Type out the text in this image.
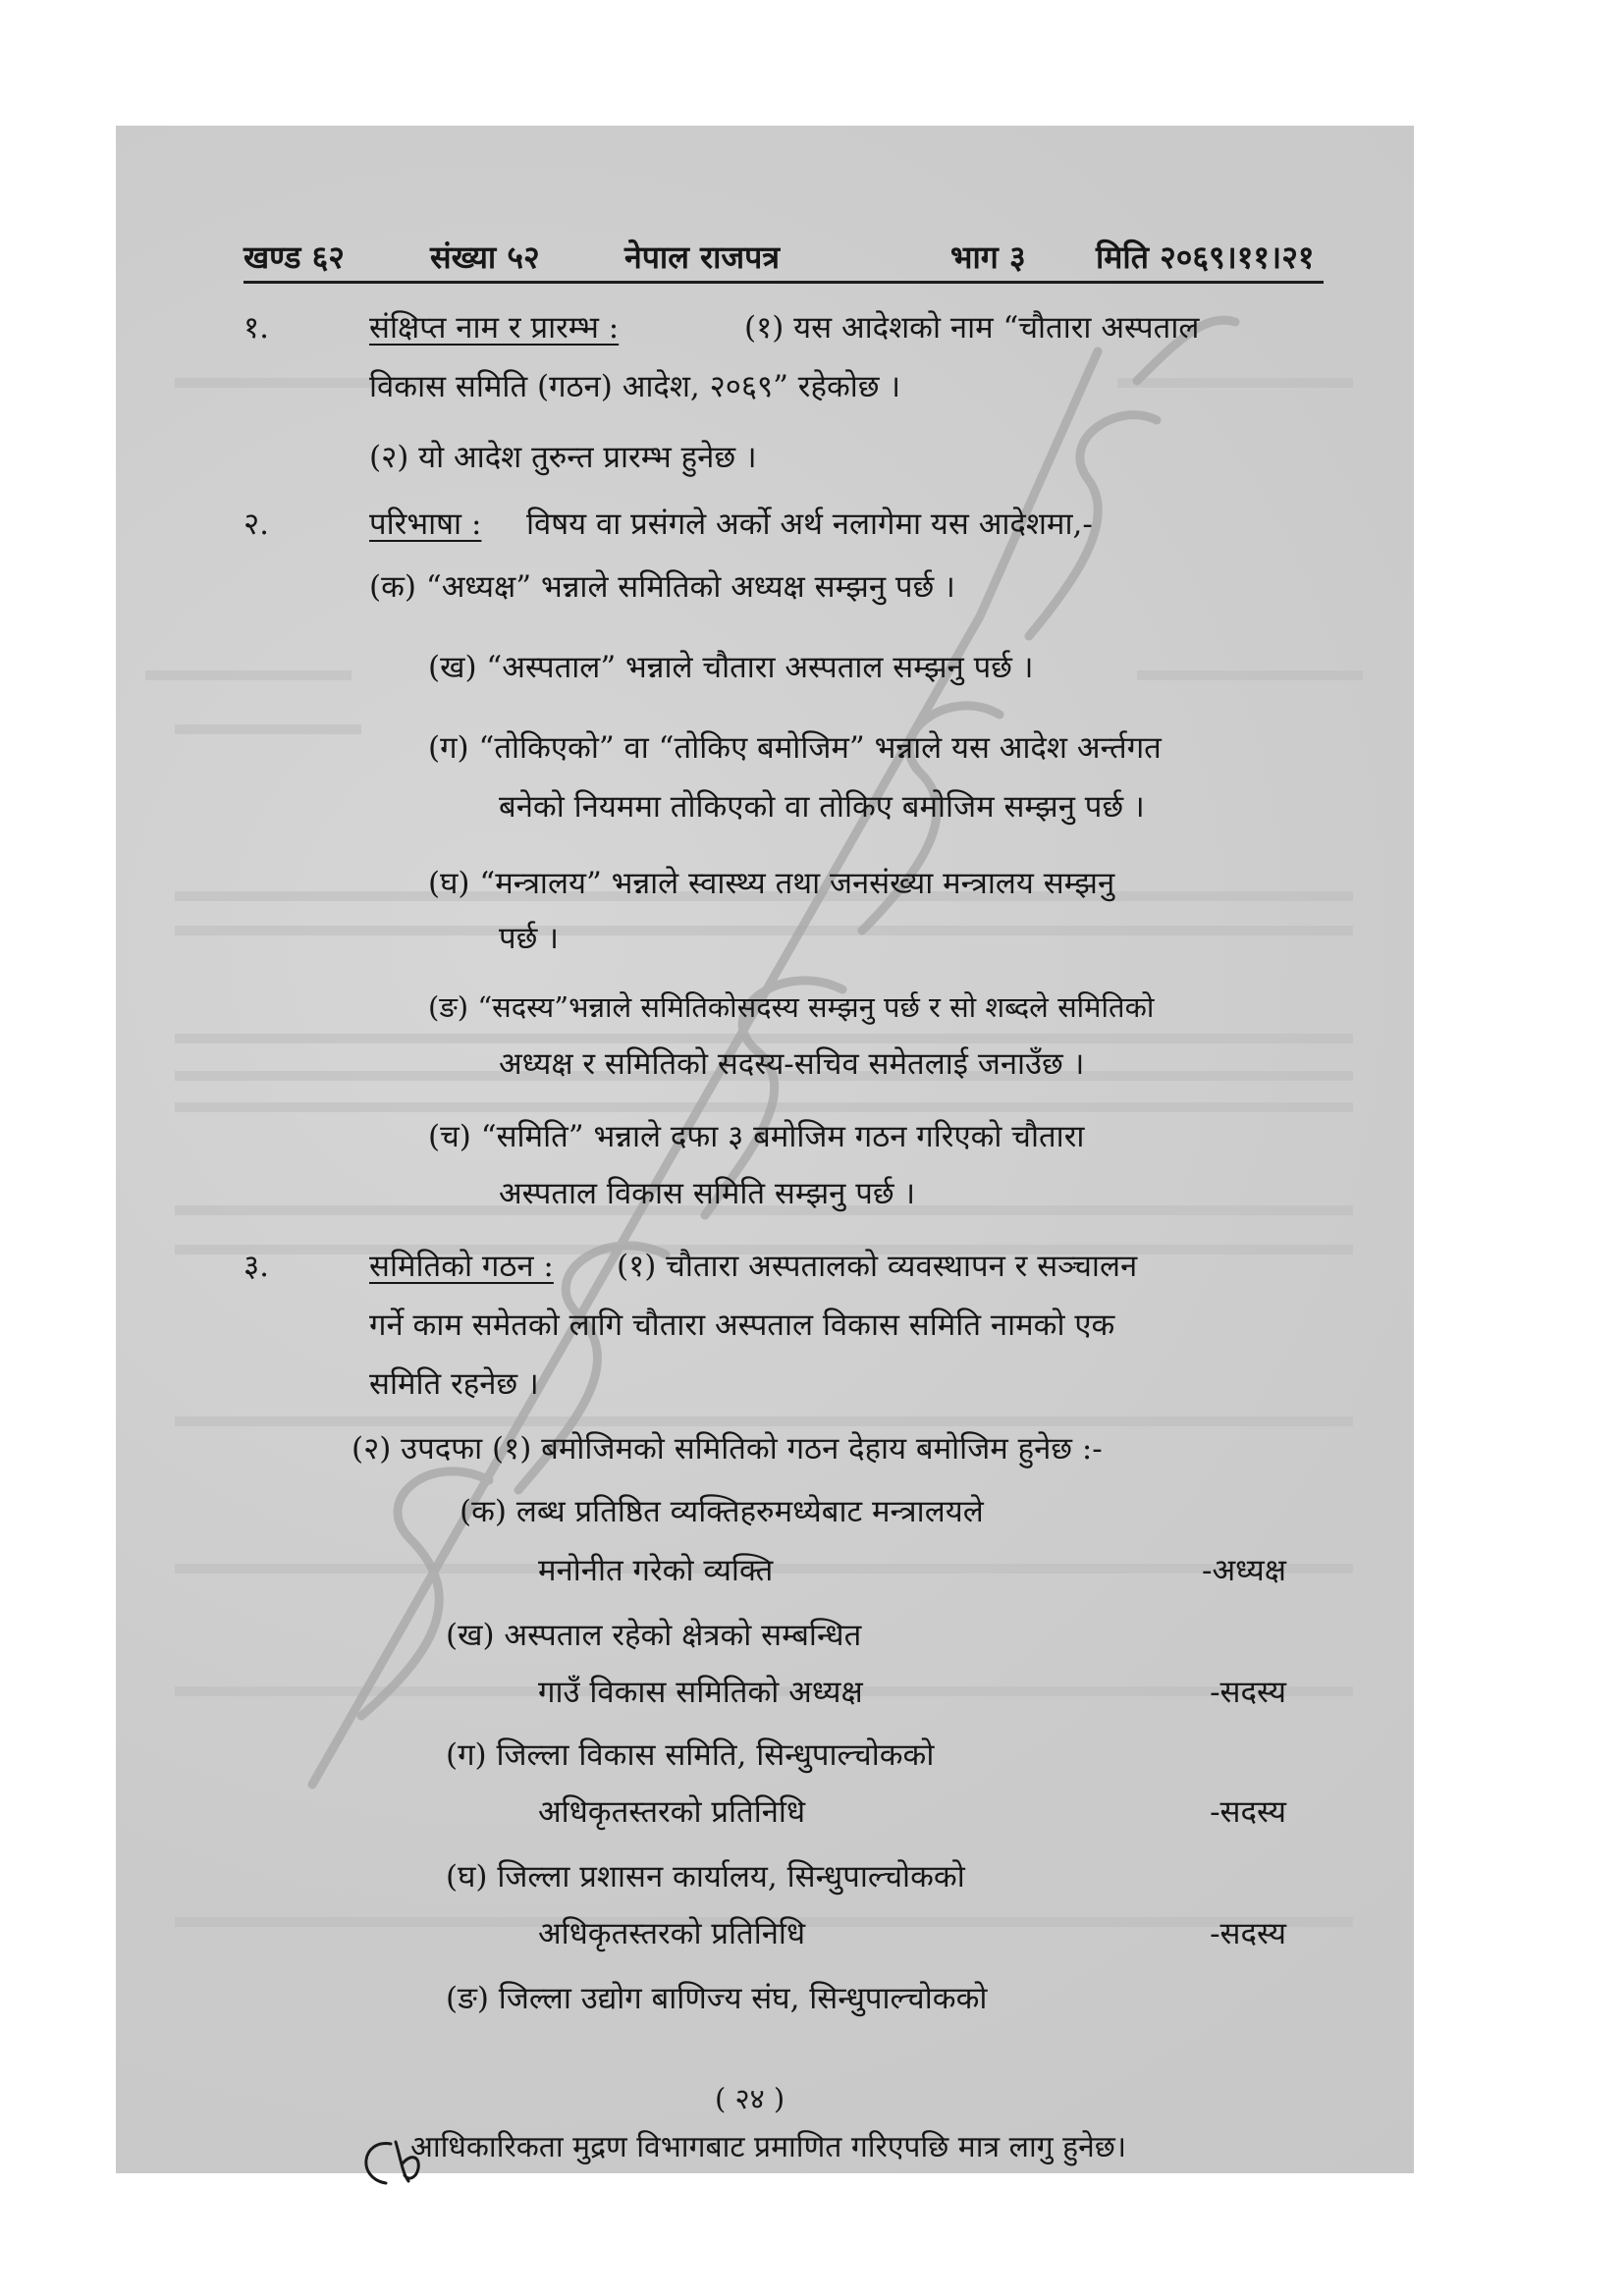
खण्ड ६२	संख्या ५२	नेपाल राजपत्र	भाग ३ मिति २०६९।११।२१
१.	संक्षिप्त नाम र प्रारम्भ :	(१) यस आदेशको नाम “चौतारा अस्पताल
विकास समिति (गठन) आदेश, २०६९” रहेकोछ ।
(२) यो आदेश तुरुन्त प्रारम्भ हुनेछ ।
२.	परिभाषा : विषय वा प्रसंगले अर्को अर्थ नलागेमा यस आदेशमा,-
(क) “अध्यक्ष” भन्नाले समितिको अध्यक्ष सम्झनु पर्छ ।
(ख) “अस्पताल” भन्नाले चौतारा अस्पताल सम्झनु पर्छ ।
(ग) “तोकिएको” वा “तोकिए बमोजिम” भन्नाले यस आदेश अर्न्तगत
बनेको नियममा तोकिएको वा तोकिए बमोजिम सम्झनु पर्छ ।
(घ) “मन्त्रालय” भन्नाले स्वास्थ्य तथा जनसंख्या मन्त्रालय सम्झनु
पर्छ ।
(ङ) “सदस्य”भन्नाले समितिकोसदस्य सम्झनु पर्छ र सो शब्दले समितिको
अध्यक्ष र समितिको सदस्य-सचिव समेतलाई जनाउँछ ।
(च) “समिति” भन्नाले दफा ३ बमोजिम गठन गरिएको चौतारा
अस्पताल विकास समिति सम्झनु पर्छ ।
३.	समितिको गठन : (१) चौतारा अस्पतालको व्यवस्थापन र सञ्चालन
गर्ने काम समेतको लागि चौतारा अस्पताल विकास समिति नामको एक
समिति रहनेछ ।
(२) उपदफा (१) बमोजिमको समितिको गठन देहाय बमोजिम हुनेछ :-
(क) लब्ध प्रतिष्ठित व्यक्तिहरुमध्येबाट मन्त्रालयले
मनोनीत गरेको व्यक्ति	-अध्यक्ष
(ख) अस्पताल रहेको क्षेत्रको सम्बन्धित
गाउँ विकास समितिको अध्यक्ष	-सदस्य
(ग) जिल्ला विकास समिति, सिन्धुपाल्चोकको
अधिकृतस्तरको प्रतिनिधि	-सदस्य
(घ) जिल्ला प्रशासन कार्यालय, सिन्धुपाल्चोकको
अधिकृतस्तरको प्रतिनिधि	-सदस्य
(ङ) जिल्ला उद्योग बाणिज्य संघ, सिन्धुपाल्चोकको
( २४ )
आधिकारिकता मुद्रण विभागबाट प्रमाणित गरिएपछि मात्र लागु हुनेछ।
